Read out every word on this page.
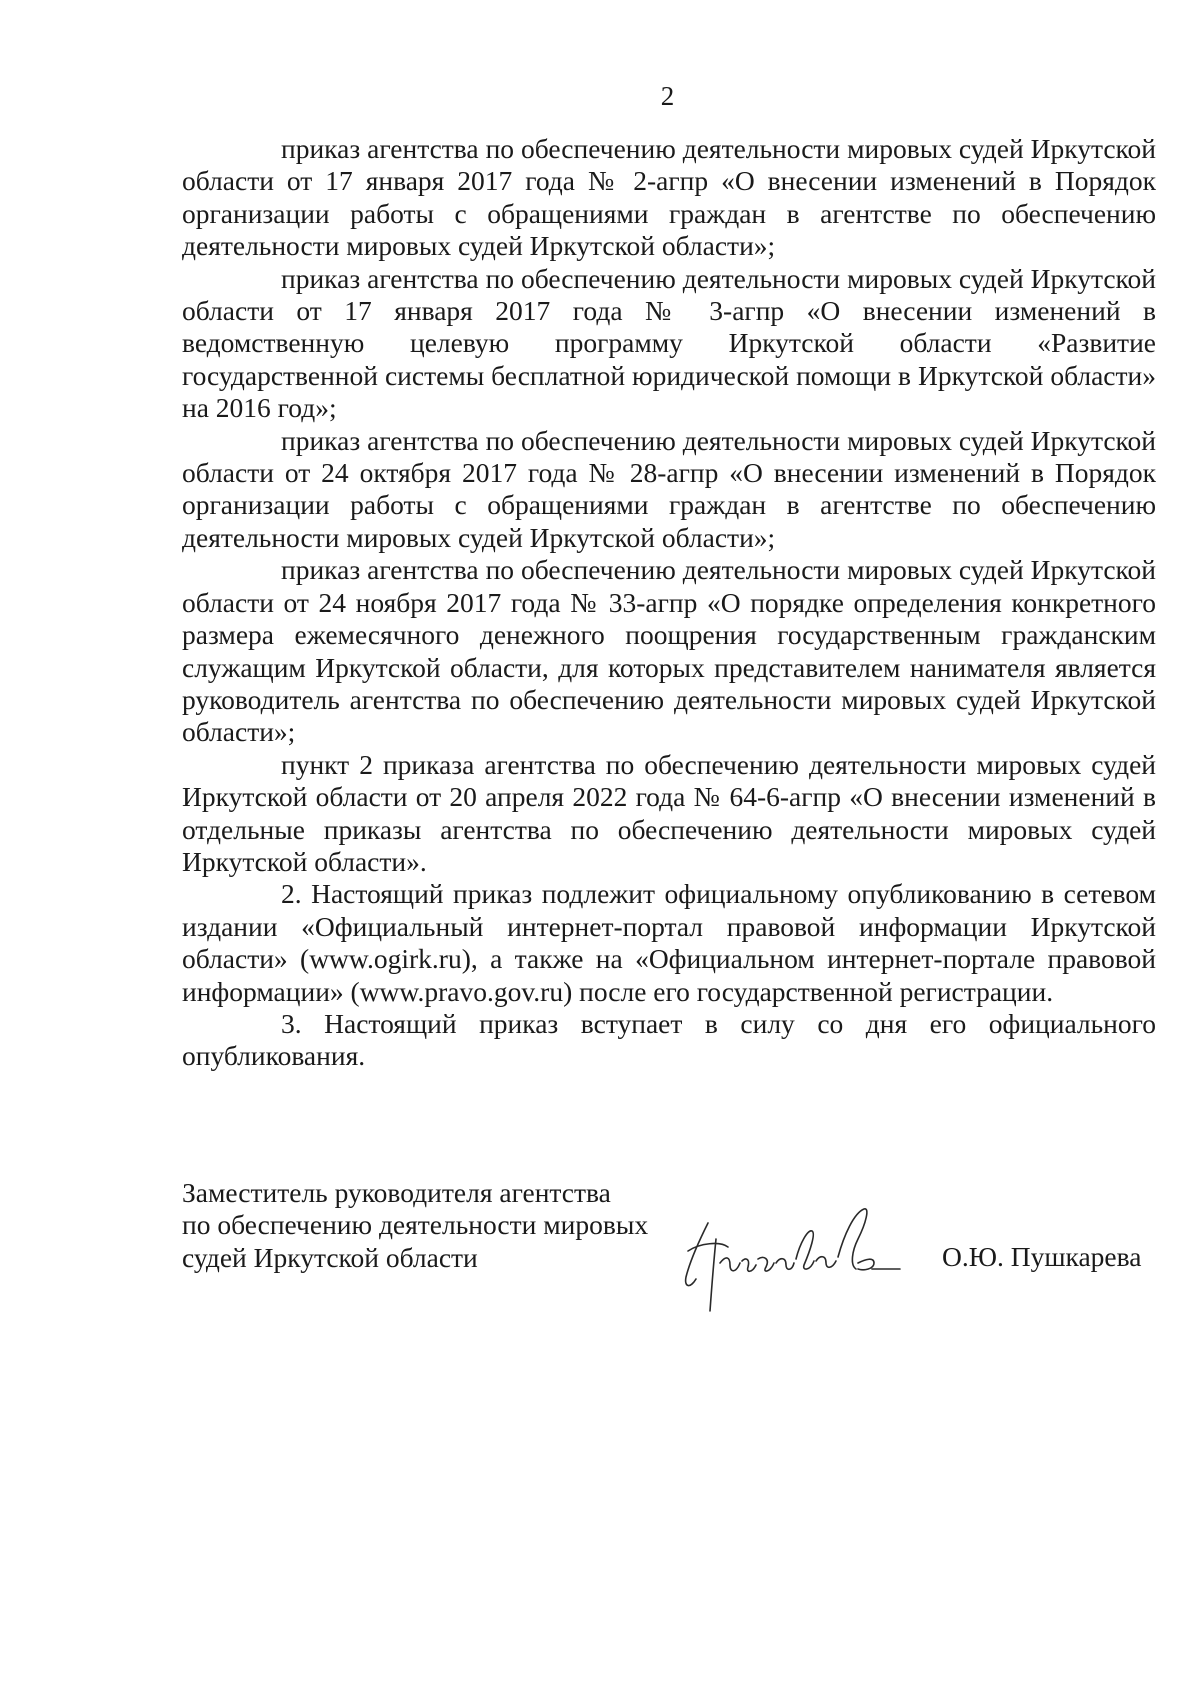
2

приказ агентства по обеспечению деятельности мировых судей Иркутской области от 17 января 2017 года № 2-агпр «О внесении изменений в Порядок организации работы с обращениями граждан в агентстве по обеспечению деятельности мировых судей Иркутской области»;

приказ агентства по обеспечению деятельности мировых судей Иркутской области от 17 января 2017 года № 3-агпр «О внесении изменений в ведомственную целевую программу Иркутской области «Развитие государственной системы бесплатной юридической помощи в Иркутской области» на 2016 год»;

приказ агентства по обеспечению деятельности мировых судей Иркутской области от 24 октября 2017 года № 28-агпр «О внесении изменений в Порядок организации работы с обращениями граждан в агентстве по обеспечению деятельности мировых судей Иркутской области»;

приказ агентства по обеспечению деятельности мировых судей Иркутской области от 24 ноября 2017 года № 33-агпр «О порядке определения конкретного размера ежемесячного денежного поощрения государственным гражданским служащим Иркутской области, для которых представителем нанимателя является руководитель агентства по обеспечению деятельности мировых судей Иркутской области»;

пункт 2 приказа агентства по обеспечению деятельности мировых судей Иркутской области от 20 апреля 2022 года № 64-6-агпр «О внесении изменений в отдельные приказы агентства по обеспечению деятельности мировых судей Иркутской области».

2. Настоящий приказ подлежит официальному опубликованию в сетевом издании «Официальный интернет-портал правовой информации Иркутской области» (www.ogirk.ru), а также на «Официальном интернет-портале правовой информации» (www.pravo.gov.ru) после его государственной регистрации.

3. Настоящий приказ вступает в силу со дня его официального опубликования.

Заместитель руководителя агентства
по обеспечению деятельности мировых
судей Иркутской области	О.Ю. Пушкарева
